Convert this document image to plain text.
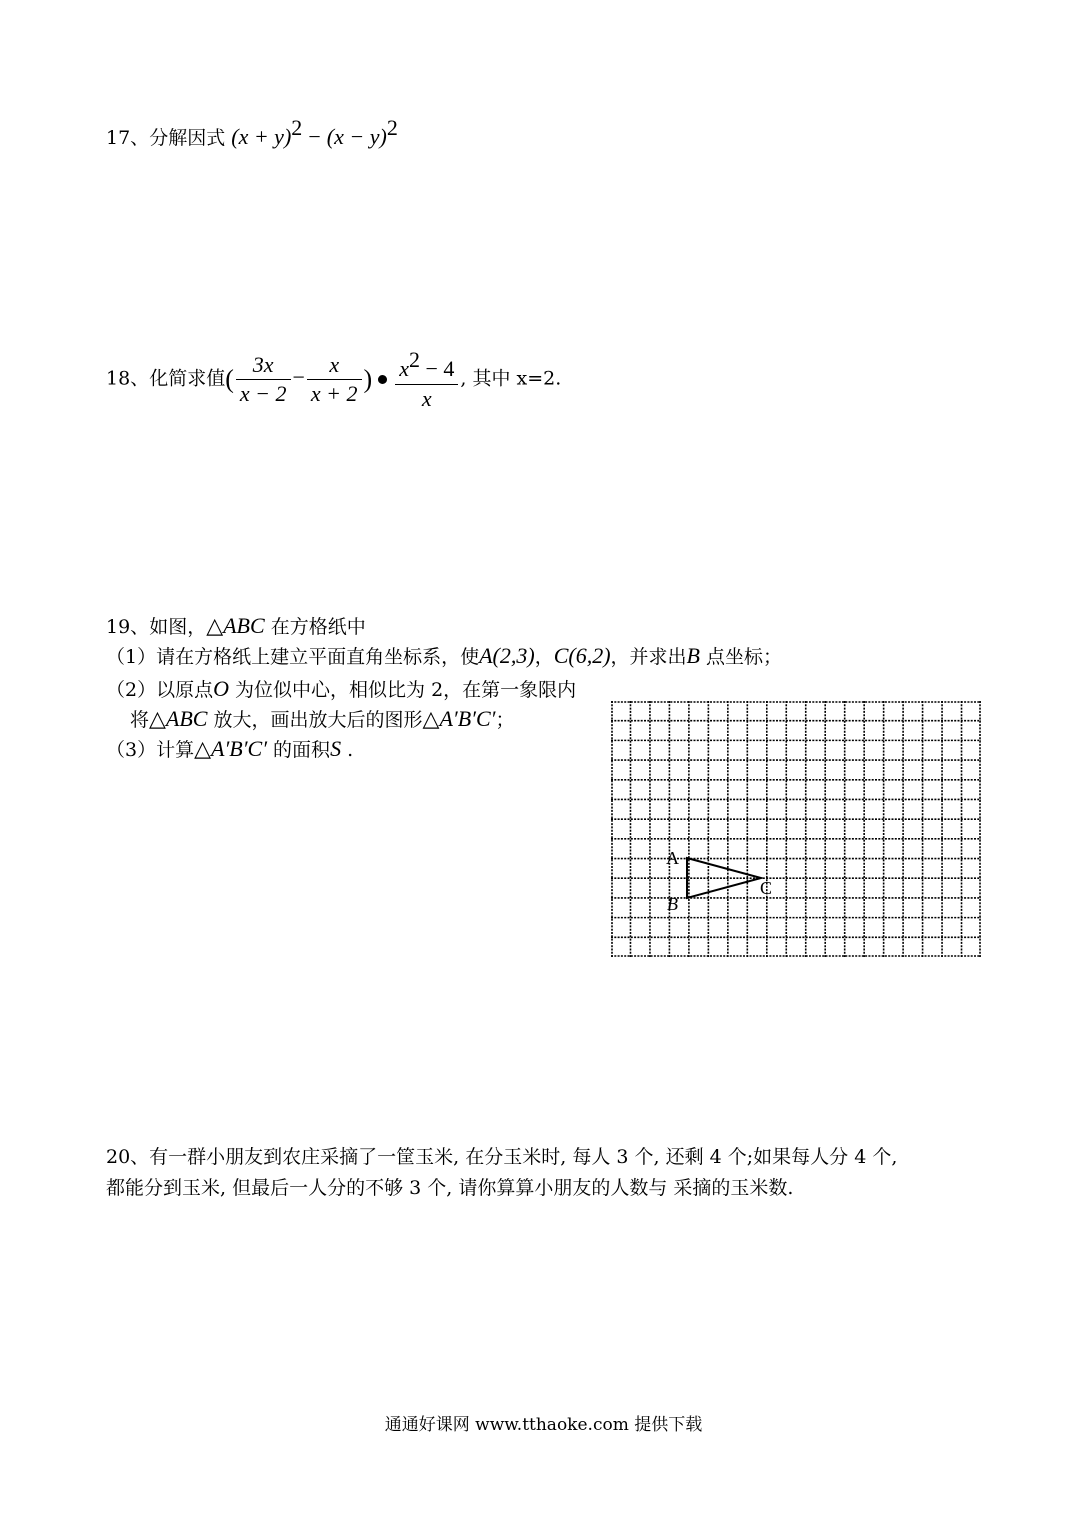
17、分解因式 $(x + y)^2 - (x - y)^2$
18、化简求值( $\frac{3x}{x - 2} - \frac{x}{x + 2}$ ) $\frac{x^2 - 4}{x}$ , 其中 x=2.
19、如图，△ABC 在方格纸中
（1）请在方格纸上建立平面直角坐标系，使A(2,3)，C(6,2)，并求出B 点坐标；
（2）以原点O 为位似中心，相似比为 2，在第一象限内
将△ABC 放大，画出放大后的图形△A′B′C′；
（3）计算△A′B′C′ 的面积S .
A
B
C
20、有一群小朋友到农庄采摘了一筐玉米, 在分玉米时, 每人 3 个, 还剩 4 个;如果每人分 4 个,
都能分到玉米, 但最后一人分的不够 3 个, 请你算算小朋友的人数与 采摘的玉米数.
通通好课网 www.tthaoke.com 提供下载
